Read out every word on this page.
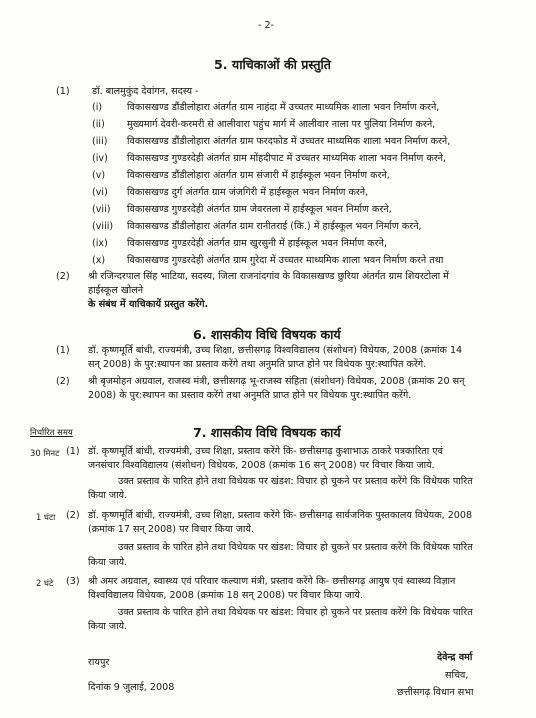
- 2-
5. याचिकाओं की प्रस्तुति
(1) डॉ. बालमुकुंद देवांगन, सदस्य -
(i)	विकासखण्ड डौंडीलोहारा अंतर्गत ग्राम नाहंदा में उच्चतर माध्यमिक शाला भवन निर्माण करने,
(ii) मुख्यमार्ग देवरी-करमरी से आलीवारा पहुंच मार्ग में आलीवार नाला पर पुलिया निर्माण करने,
(iii) विकासखण्ड डौंडीलोहारा अंतर्गत ग्राम फरदफोड में उच्चतर माध्यमिक शाला भवन निर्माण करने,
(iv) विकासखण्ड गुण्डरदेही अंतर्गत ग्राम मोंहदीपाट में उच्चतर माध्यमिक शाला भवन निर्माण करने,
(v) विकासखण्ड डौंडीलोहारा अंतर्गत ग्राम संजारी में हाईस्कूल भवन निर्माण करने,
(vi) विकासखण्ड दुर्ग अंतर्गत ग्राम जंजगिरी में हाईस्कूल भवन निर्माण करने,
(vii) विकासखण्ड गुण्डरदेही अंतर्गत ग्राम जेवरतला में हाईस्कूल भवन निर्माण करने,
(viii) विकासखण्ड डौंडीलोहारा अंतर्गत ग्राम रानीतराई (कि.) में हाईस्कूल भवन निर्माण करने,
(ix) विकासखण्ड गुण्डरदेही अंतर्गत ग्राम खुरसुनी में हाईस्कूल भवन निर्माण करने,
(x) विकासखण्ड गुण्डरदेही अंतर्गत ग्राम गुरेदा में उच्चतर माध्यमिक शाला भवन निर्माण करने तथा
(2) श्री रजिन्दरपाल सिंह भाटिया, सदस्य, जिला राजनांदगांव के विकासखण्ड छुरिया अंतर्गत ग्राम शियरटोला में
हाईस्कूल खोलने
के संबंध में याचिकायें प्रस्तुत करेंगे.
6. शासकीय विधि विषयक कार्य
(1) डॉ. कृष्णमूर्ति बांधी, राज्यमंत्री, उच्च शिक्षा, छत्तीसगढ़ विश्वविद्यालय (संशोधन) विधेयक, 2008 (क्रमांक 14
सन् 2008) के पुर:स्थापन का प्रस्ताव करेंगे तथा अनुमति प्राप्त होने पर विधेयक पुर:स्थापित करेंगे.
(2) श्री बृजमोहन अग्रवाल, राजस्व मंत्री, छत्तीसगढ़ भू-राजस्व संहिता (संशोधन) विधेयक, 2008 (क्रमांक 20 सन्
2008) के पुर:स्थापन का प्रस्ताव करेंगे तथा अनुमति प्राप्त होने पर विधेयक पुर:स्थापित करेंगे.
निर्धारित समय	7. शासकीय विधि विषयक कार्य
30 मिनट (1) डॉ. कृष्णमूर्ति बांधी, राज्यमंत्री, उच्च शिक्षा, प्रस्ताव करेंगे कि- छत्तीसगढ़ कुशाभाऊ ठाकरे पत्रकारिता एवं
जनसंचार विश्वविद्यालय (संशोधन) विधेयक, 2008 (क्रमांक 16 सन् 2008) पर विचार किया जाये.
उक्त प्रस्ताव के पारित होने तथा विधेयक पर खंडश: विचार हो चुकने पर प्रस्ताव करेंगे कि विधेयक पारित
किया जाये.
1 घंटा (2) डॉ. कृष्णमूर्ति बांधी, राज्यमंत्री, उच्च शिक्षा, प्रस्ताव करेंगे कि- छत्तीसगढ़ सार्वजनिक पुस्तकालय विधेयक, 2008
(क्रमांक 17 सन् 2008) पर विचार किया जाये.
उक्त प्रस्ताव के पारित होने तथा विधेयक पर खंडश: विचार हो चुकने पर प्रस्ताव करेंगे कि विधेयक पारित
किया जाये.
2 घंटे (3) श्री अमर अग्रवाल, स्वास्थ्य एवं परिवार कल्याण मंत्री, प्रस्ताव करेंगे कि- छत्तीसगढ़ आयुष एवं स्वास्थ्य विज्ञान
विश्वविद्यालय विधेयक, 2008 (क्रमांक 18 सन् 2008) पर विचार किया जाये.
उक्त प्रस्ताव के पारित होने तथा विधेयक पर खंडश: विचार हो चुकने पर प्रस्ताव करेंगे कि विधेयक पारित
किया जाये.
रायपुर
दिनांक 9 जुलाई, 2008
देवेन्द्र वर्मा
सचिव,
छत्तीसगढ़ विधान सभा
